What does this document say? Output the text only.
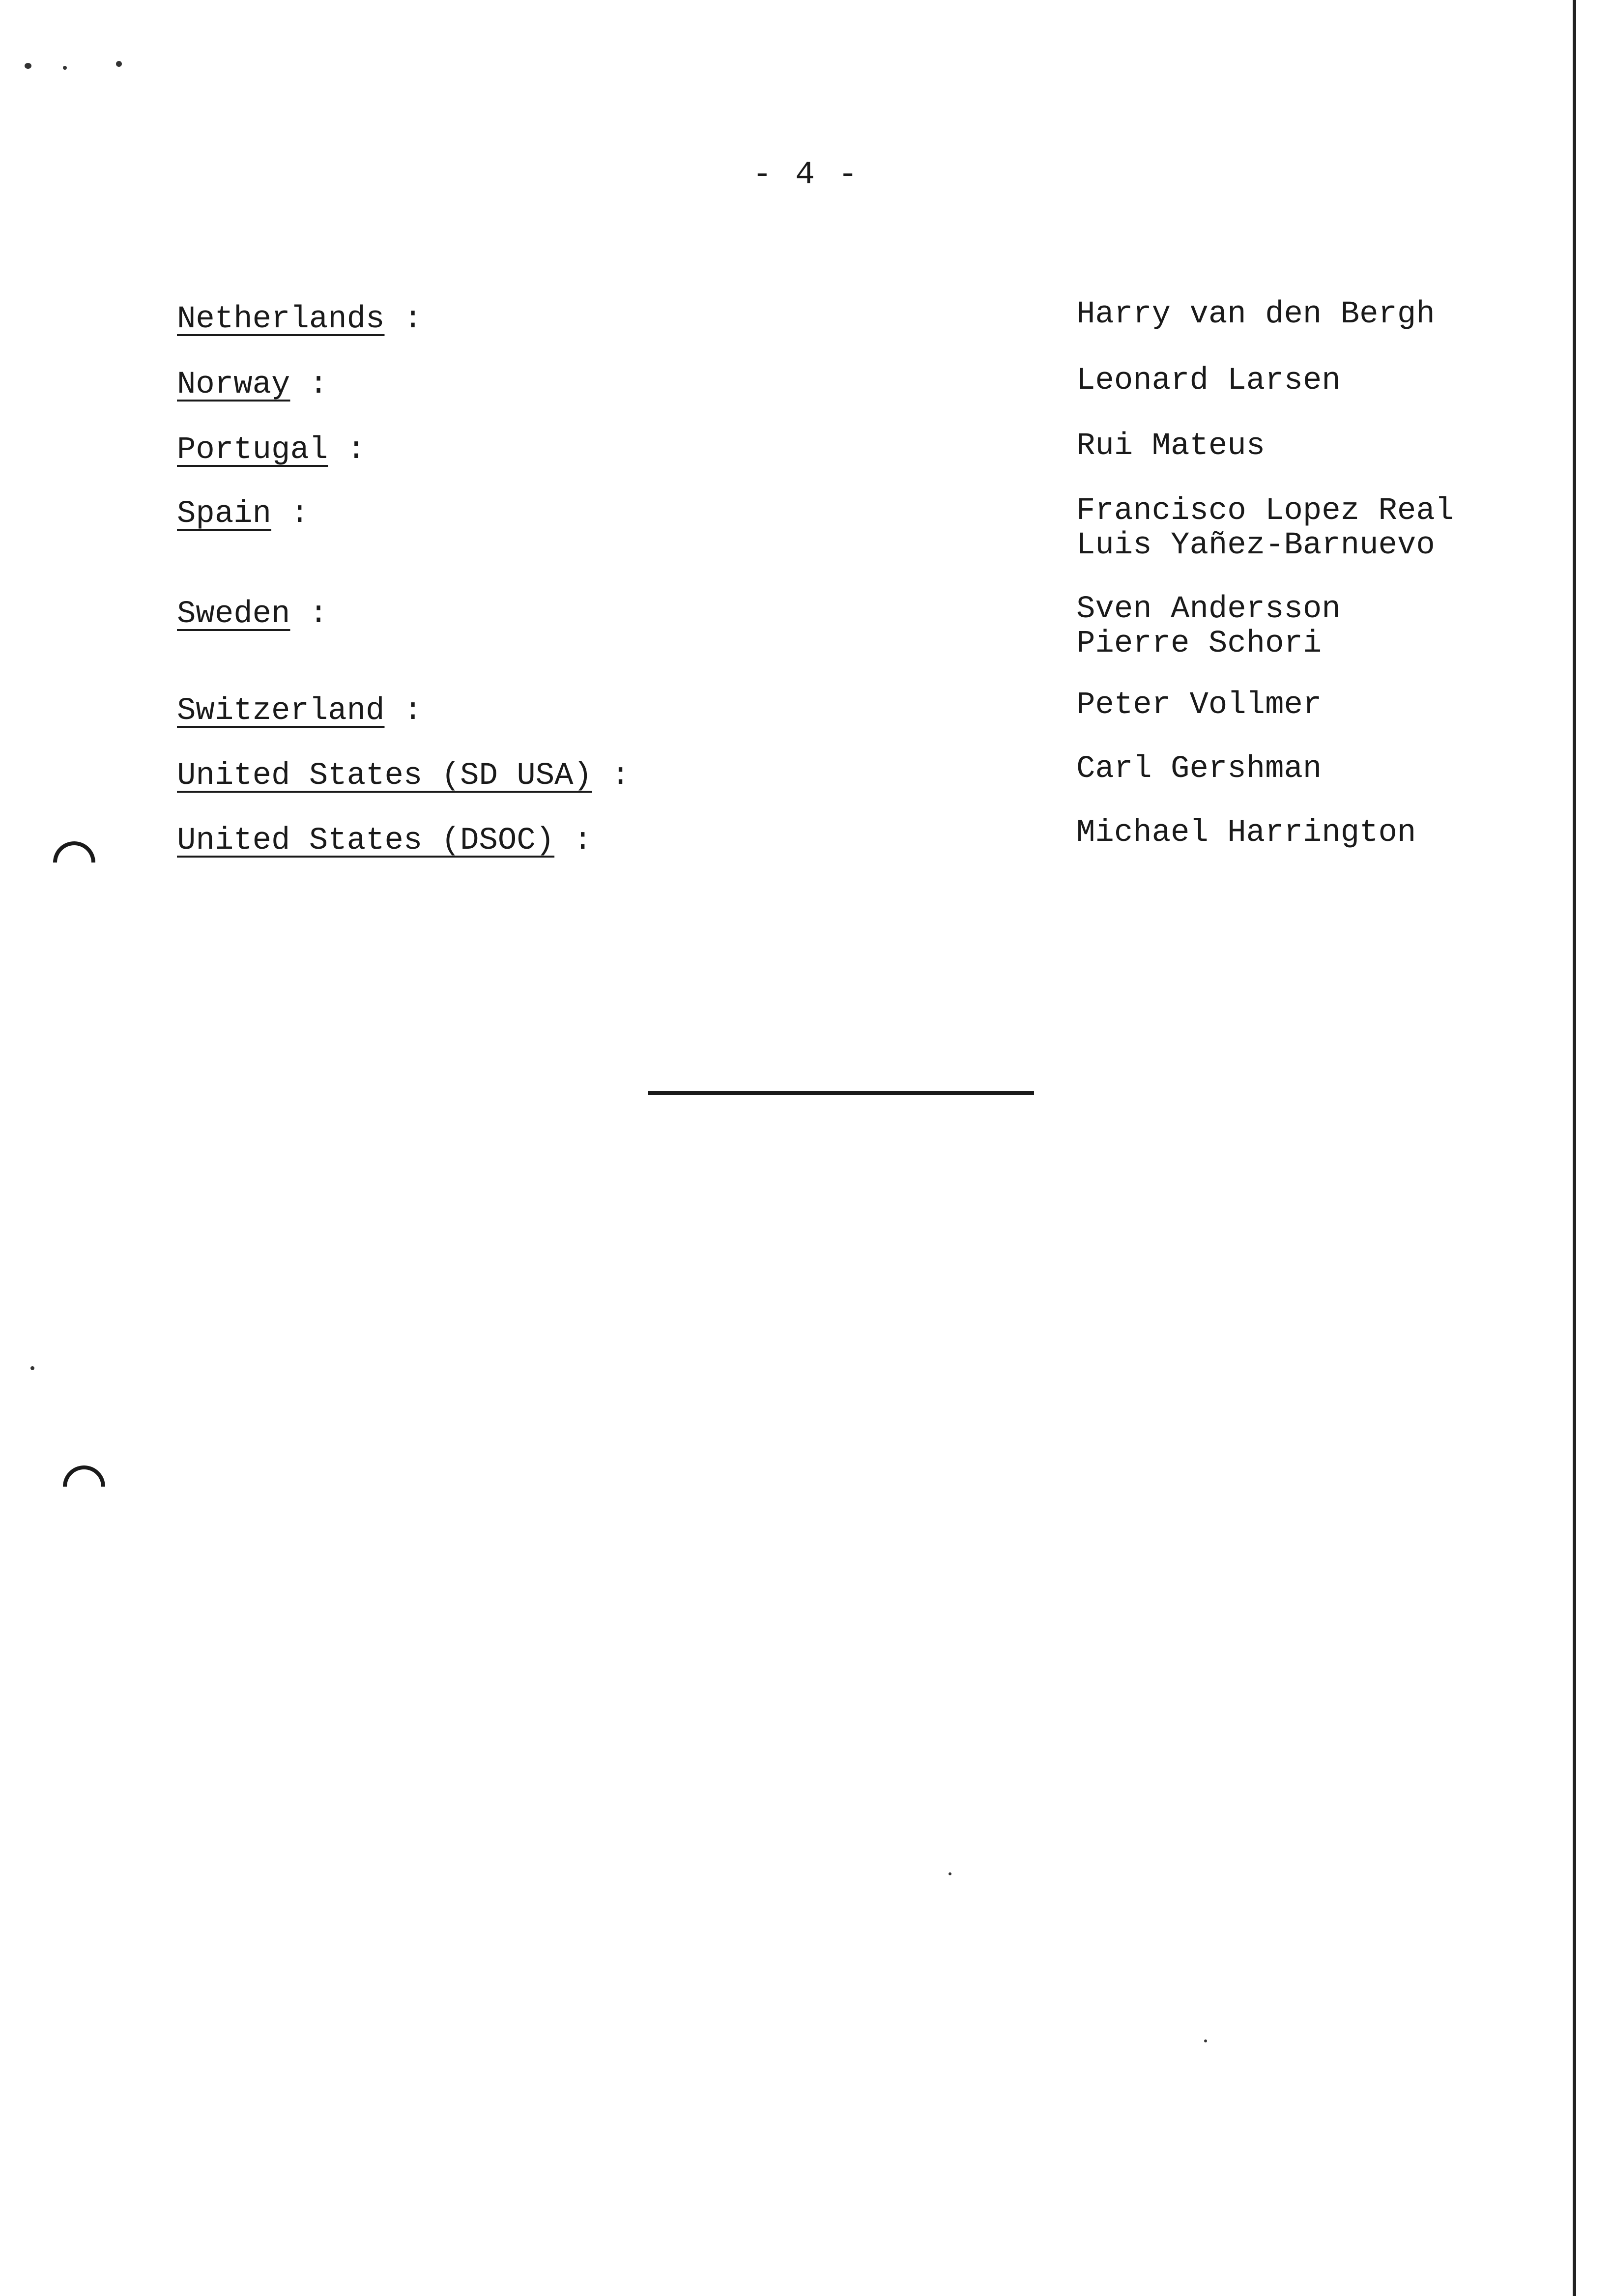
- 4 -
Netherlands :	Harry van den Bergh
Norway :	Leonard Larsen
Portugal :	Rui Mateus
Spain :	Francisco Lopez Real
Luis Yañez-Barnuevo
Sweden :	Sven Andersson
Pierre Schori
Switzerland :	Peter Vollmer
United States (SD USA) :	Carl Gershman
United States (DSOC) :	Michael Harrington
